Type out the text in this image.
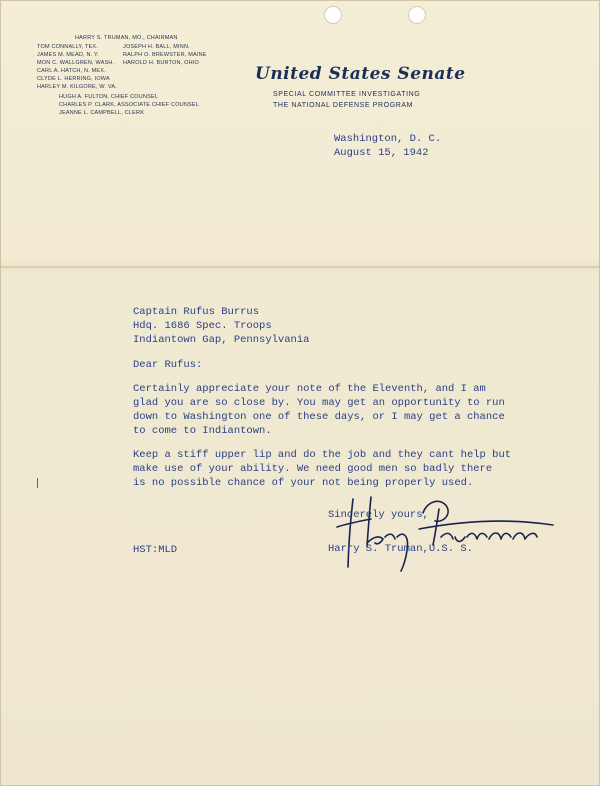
HARRY S. TRUMAN, MO., CHAIRMAN
TOM CONNALLY, TEX.	JOSEPH H. BALL, MINN.
JAMES M. MEAD, N. Y.	RALPH O. BREWSTER, MAINE
MON C. WALLGREN, WASH. HAROLD H. BURTON, OHIO
CARL A. HATCH, N. MEX.
CLYDE L. HERRING, IOWA
HARLEY M. KILGORE, W. VA.
HUGH A. FULTON, CHIEF COUNSEL
CHARLES P. CLARK, ASSOCIATE CHIEF COUNSEL
JEANNE L. CAMPBELL, CLERK
United States Senate
SPECIAL COMMITTEE INVESTIGATING
THE NATIONAL DEFENSE PROGRAM
Washington, D. C.
August 15, 1942
Captain Rufus Burrus
Hdq. 1686 Spec. Troops
Indiantown Gap, Pennsylvania
Dear Rufus:
Certainly appreciate your note of the Eleventh, and I am
glad you are so close by. You may get an opportunity to run
down to Washington one of these days, or I may get a chance
to come to Indiantown.
Keep a stiff upper lip and do the job and they cant help but
make use of your ability. We need good men so badly there
is no possible chance of your not being properly used.
Sincerely yours,
Harry S. Truman,U.S. S.
HST:MLD
